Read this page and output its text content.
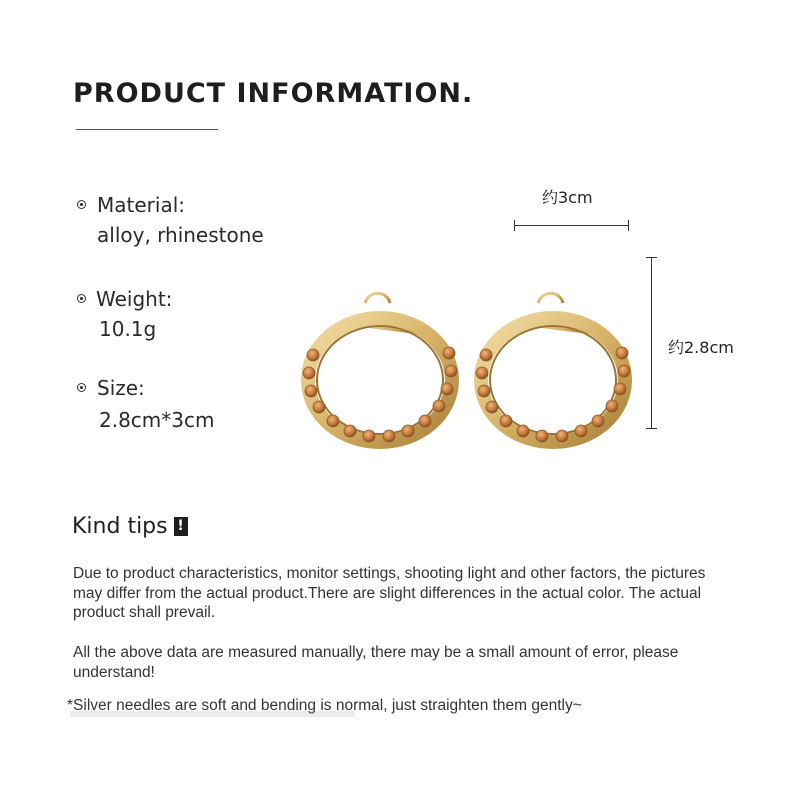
PRODUCT INFORMATION.
Material:
alloy, rhinestone
Weight:
10.1g
Size:
2.8cm*3cm
约3cm
约2.8cm
Kind tips !
Due to product characteristics, monitor settings, shooting light and other factors, the pictures may differ from the actual product.There are slight differences in the actual color. The actual product shall prevail.
All the above data are measured manually, there may be a small amount of error, please understand!
*Silver needles are soft and bending is normal, just straighten them gently~
